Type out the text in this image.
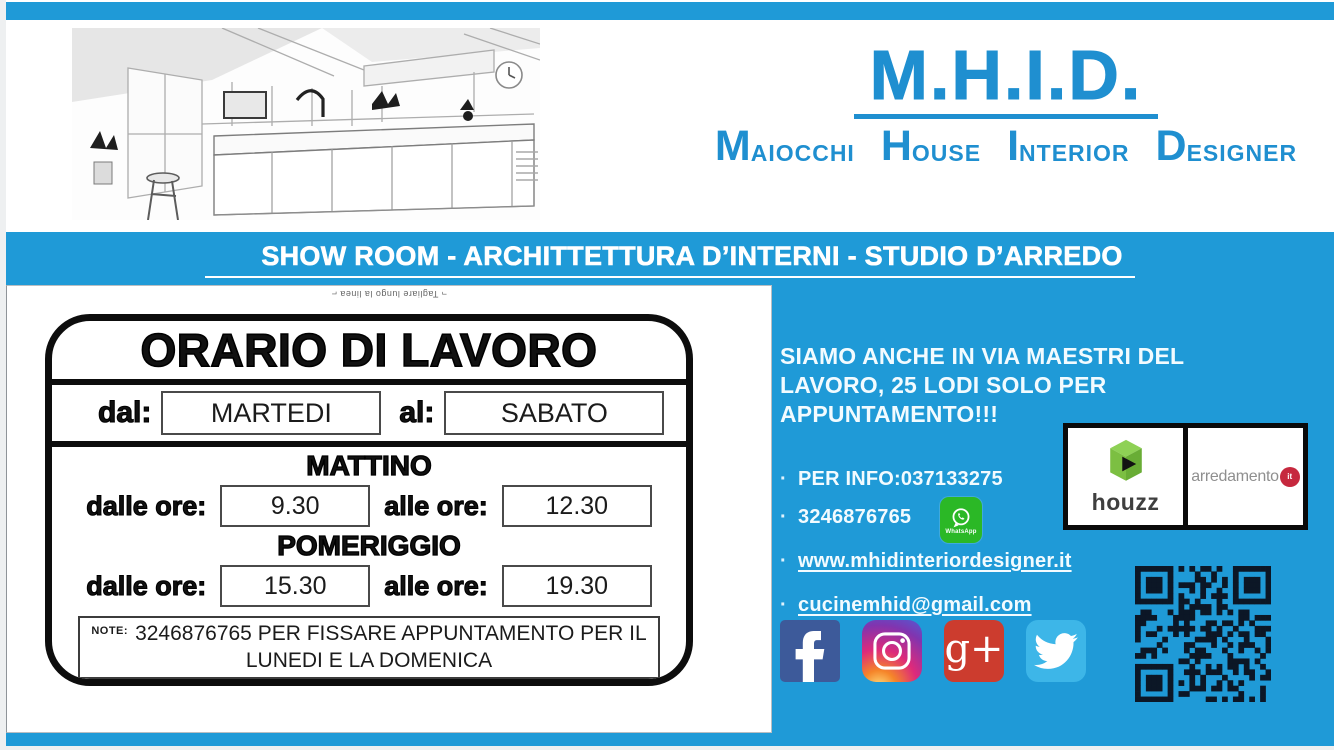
M.H.I.D.
M AIOCCHI H OUSE I NTERIOR D ESIGNER
SHOW ROOM - ARCHITTETTURA D’INTERNI - STUDIO D’ARREDO
¬ Tagliare lungo la linea ⌐
ORARIO DI LAVORO
dal:	MARTEDI	al:	SABATO
MATTINO
dalle ore:	9.30	alle ore:	12.30
POMERIGGIO
dalle ore:	15.30	alle ore:	19.30
$^{NOTE:}$ 3246876765 PER FISSARE APPUNTAMENTO PER IL
LUNEDI E LA DOMENICA
SIAMO ANCHE IN VIA MAESTRI DEL
LAVORO, 25 LODI SOLO PER
APPUNTAMENTO!!!
· PER INFO:037133275
· 3246876765
WhatsApp
· www.mhidinteriordesigner.it
· cucinemhid@gmail.com
g+
houzz
arredamento it
